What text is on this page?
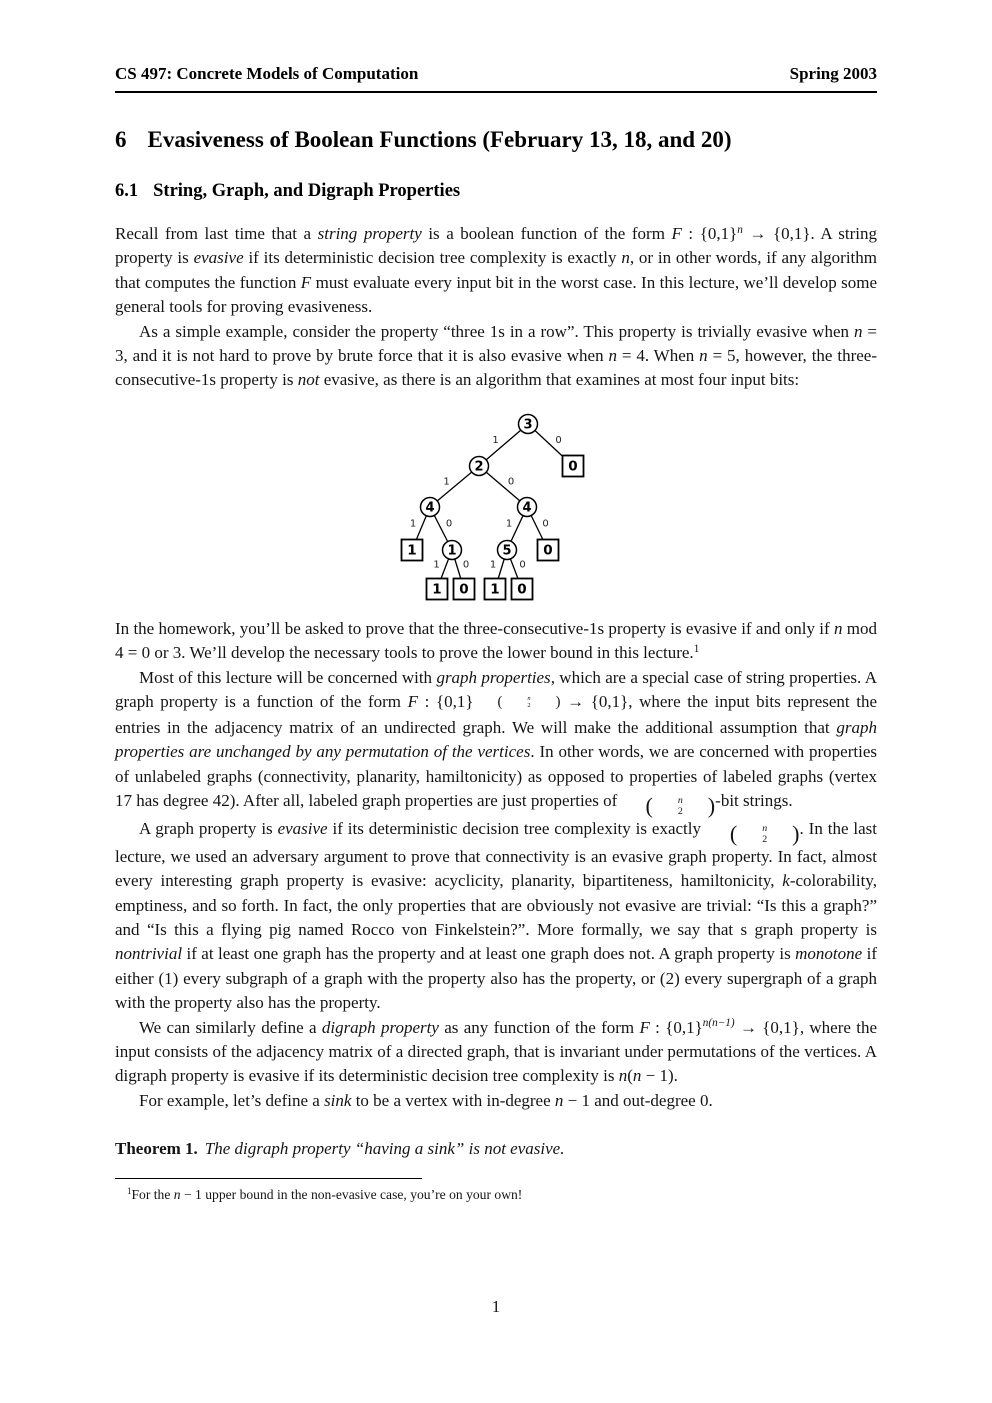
CS 497: Concrete Models of Computation	Spring 2003
6 Evasiveness of Boolean Functions (February 13, 18, and 20)
6.1 String, Graph, and Digraph Properties

Recall from last time that a string property is a boolean function of the form F : $\{0,1\}^n \to \{0,1\}$. A string property is evasive if its deterministic decision tree complexity is exactly n, or in other words, if any algorithm that computes the function F must evaluate every input bit in the worst case. In this lecture, we’ll develop some general tools for proving evasiveness.

As a simple example, consider the property “three 1s in a row”. This property is trivially evasive when n = 3, and it is not hard to prove by brute force that it is also evasive when n = 4. When n = 5, however, the three-consecutive-1s property is not evasive, as there is an algorithm that examines at most four input bits:

1	0
1	0
1	0	1	0
1 0 1 0
3
0
2
4	4
1 1	5 0
1 0 1 0

In the homework, you’ll be asked to prove that the three-consecutive-1s property is evasive if and only if n mod 4 = 0 or 3. We’ll develop the necessary tools to prove the lower bound in this lecture.$^1$

Most of this lecture will be concerned with graph properties, which are a special case of string properties. A graph property is a function of the form F : {0,1}	$^{( n 2 )}$ → {0,1}, where the input bits represent the entries in the adjacency matrix of an undirected graph. We will make the additional assumption that graph properties are unchanged by any permutation of the vertices. In other words, we are concerned with properties of unlabeled graphs (connectivity, planarity, hamiltonicity) as opposed to properties of labeled graphs (vertex 17 has degree 42). After all, labeled graph properties are just properties of	(	n
2	) -bit strings.

A graph property is evasive if its deterministic decision tree complexity is exactly	(	n
2	) . In the last lecture, we used an adversary argument to prove that connectivity is an evasive graph property. In fact, almost every interesting graph property is evasive: acyclicity, planarity, bipartiteness, hamiltonicity, k-colorability, emptiness, and so forth. In fact, the only properties that are obviously not evasive are trivial: “Is this a graph?” and “Is this a flying pig named Rocco von Finkelstein?”. More formally, we say that s graph property is nontrivial if at least one graph has the property and at least one graph does not. A graph property is monotone if either (1) every subgraph of a graph with the property also has the property, or (2) every supergraph of a graph with the property also has the property.

We can similarly define a digraph property as any function of the form F : $\{0,1\}^{n(n-1)} \to \{0,1\}$, where the input consists of the adjacency matrix of a directed graph, that is invariant under permutations of the vertices. A digraph property is evasive if its deterministic decision tree complexity is n(n − 1).

For example, let’s define a sink to be a vertex with in-degree n − 1 and out-degree 0.

Theorem 1. The digraph property “having a sink” is not evasive.

$^1$For the n − 1 upper bound in the non-evasive case, you’re on your own!

1
